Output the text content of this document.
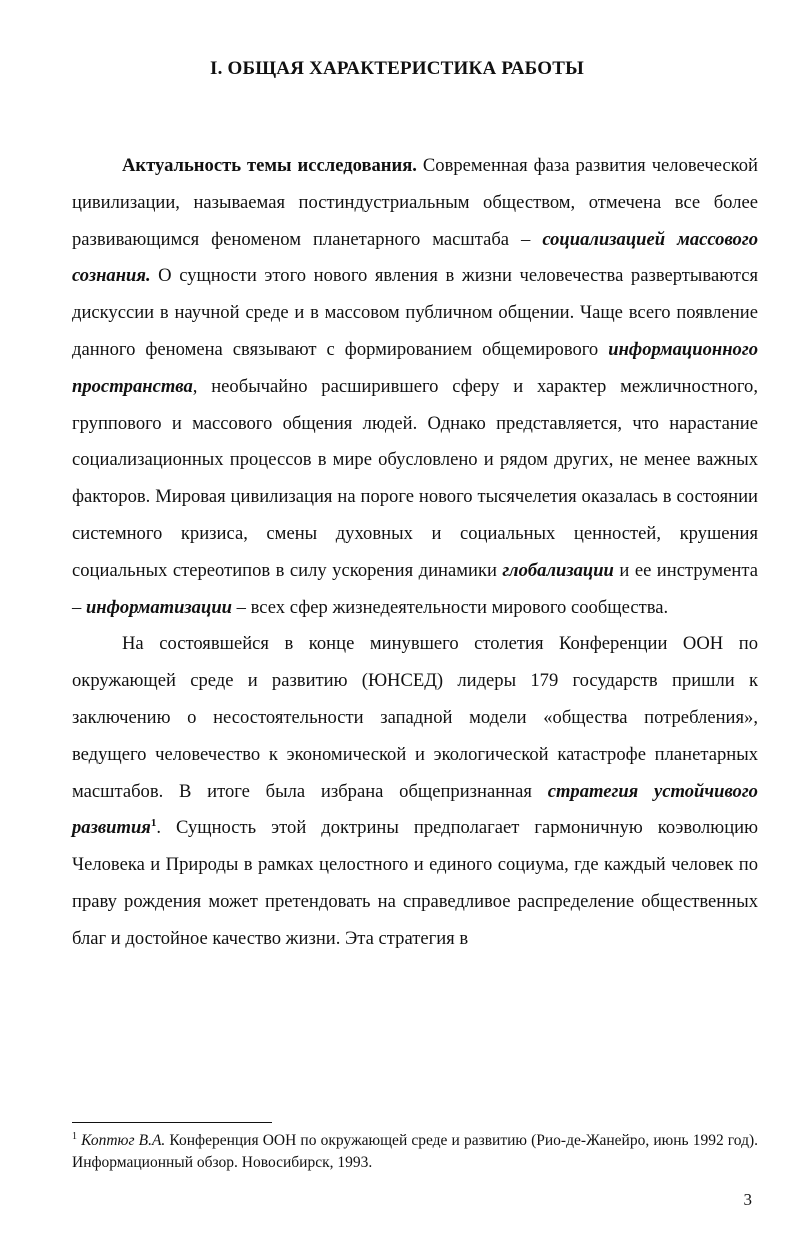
I. ОБЩАЯ ХАРАКТЕРИСТИКА РАБОТЫ

Актуальность темы исследования. Современная фаза развития человеческой цивилизации, называемая постиндустриальным обществом, отмечена все более развивающимся феноменом планетарного масштаба – социализацией массового сознания. О сущности этого нового явления в жизни человечества развертываются дискуссии в научной среде и в массовом публичном общении. Чаще всего появление данного феномена связывают с формированием общемирового информационного пространства, необычайно расширившего сферу и характер межличностного, группового и массового общения людей. Однако представляется, что нарастание социализационных процессов в мире обусловлено и рядом других, не менее важных факторов. Мировая цивилизация на пороге нового тысячелетия оказалась в состоянии системного кризиса, смены духовных и социальных ценностей, крушения социальных стереотипов в силу ускорения динамики глобализации и ее инструмента – информатизации – всех сфер жизнедеятельности мирового сообщества.

На состоявшейся в конце минувшего столетия Конференции ООН по окружающей среде и развитию (ЮНСЕД) лидеры 179 государств пришли к заключению о несостоятельности западной модели «общества потребления», ведущего человечество к экономической и экологической катастрофе планетарных масштабов. В итоге была избрана общепризнанная стратегия устойчивого развития$^1$. Сущность этой доктрины предполагает гармоничную коэволюцию Человека и Природы в рамках целостного и единого социума, где каждый человек по праву рождения может претендовать на справедливое распределение общественных благ и достойное качество жизни. Эта стратегия в

$^1$ Коптюг В.А. Конференция ООН по окружающей среде и развитию (Рио-де-Жанейро, июнь 1992 год). Информационный обзор. Новосибирск, 1993.

3
